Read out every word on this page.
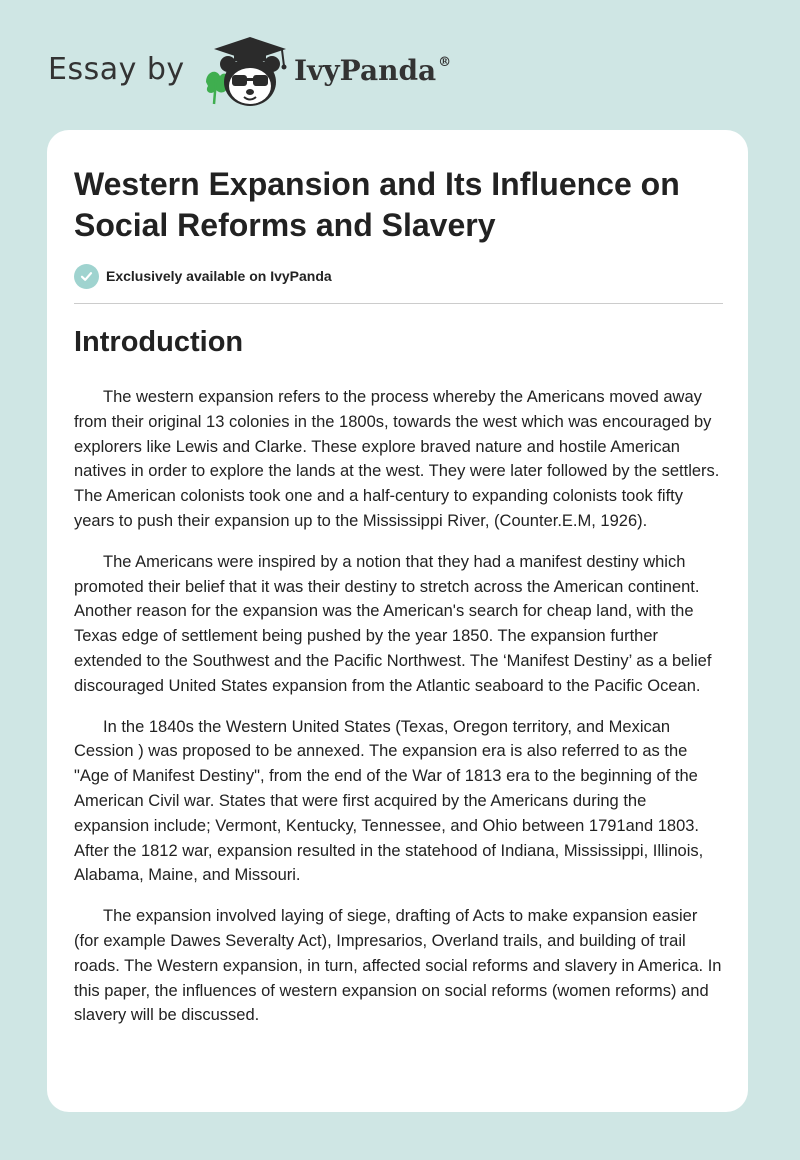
Essay by	IvyPanda ®
Western Expansion and Its Influence on Social Reforms and Slavery
Exclusively available on IvyPanda
Introduction

The western expansion refers to the process whereby the Americans moved away from their original 13 colonies in the 1800s, towards the west which was encouraged by explorers like Lewis and Clarke. These explore braved nature and hostile American natives in order to explore the lands at the west. They were later followed by the settlers. The American colonists took one and a half-century to expanding colonists took fifty years to push their expansion up to the Mississippi River, (Counter.E.M, 1926).

The Americans were inspired by a notion that they had a manifest destiny which promoted their belief that it was their destiny to stretch across the American continent. Another reason for the expansion was the American's search for cheap land, with the Texas edge of settlement being pushed by the year 1850. The expansion further extended to the Southwest and the Pacific Northwest. The ‘Manifest Destiny’ as a belief discouraged United States expansion from the Atlantic seaboard to the Pacific Ocean.

In the 1840s the Western United States (Texas, Oregon territory, and Mexican Cession ) was proposed to be annexed. The expansion era is also referred to as the "Age of Manifest Destiny", from the end of the War of 1813 era to the beginning of the American Civil war. States that were first acquired by the Americans during the expansion include; Vermont, Kentucky, Tennessee, and Ohio between 1791and 1803. After the 1812 war, expansion resulted in the statehood of Indiana, Mississippi, Illinois, Alabama, Maine, and Missouri.

The expansion involved laying of siege, drafting of Acts to make expansion easier (for example Dawes Severalty Act), Impresarios, Overland trails, and building of trail roads. The Western expansion, in turn, affected social reforms and slavery in America. In this paper, the influences of western expansion on social reforms (women reforms) and slavery will be discussed.
